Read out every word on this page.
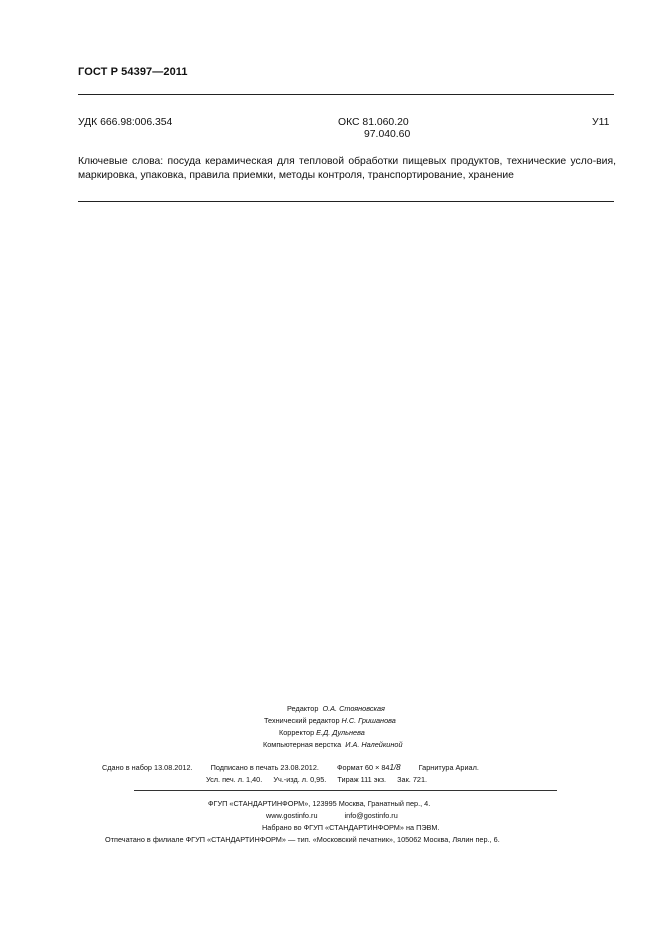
ГОСТ Р 54397—2011
УДК 666.98:006.354	ОКС 81.060.20
97.040.60
У11
Ключевые слова: посуда керамическая для тепловой обработки пищевых продуктов, технические усло-вия, маркировка, упаковка, правила приемки, методы контроля, транспортирование, хранение
Редактор О.А. Стояновская
Технический редактор Н.С. Гришанова
Корректор Е.Д. Дульнева
Компьютерная верстка И.А. Налейкиной
Сдано в набор 13.08.2012. Подписано в печать 23.08.2012. Формат 60 × 841/8 Гарнитура Ариал.
Усл. печ. л. 1,40. Уч.-изд. л. 0,95. Тираж 111 экз. Зак. 721.
ФГУП «СТАНДАРТИНФОРМ», 123995 Москва, Гранатный пер., 4.
www.gostinfo.ru	info@gostinfo.ru
Набрано во ФГУП «СТАНДАРТИНФОРМ» на ПЭВМ.
Отпечатано в филиале ФГУП «СТАНДАРТИНФОРМ» — тип. «Московский печатник», 105062 Москва, Лялин пер., 6.
